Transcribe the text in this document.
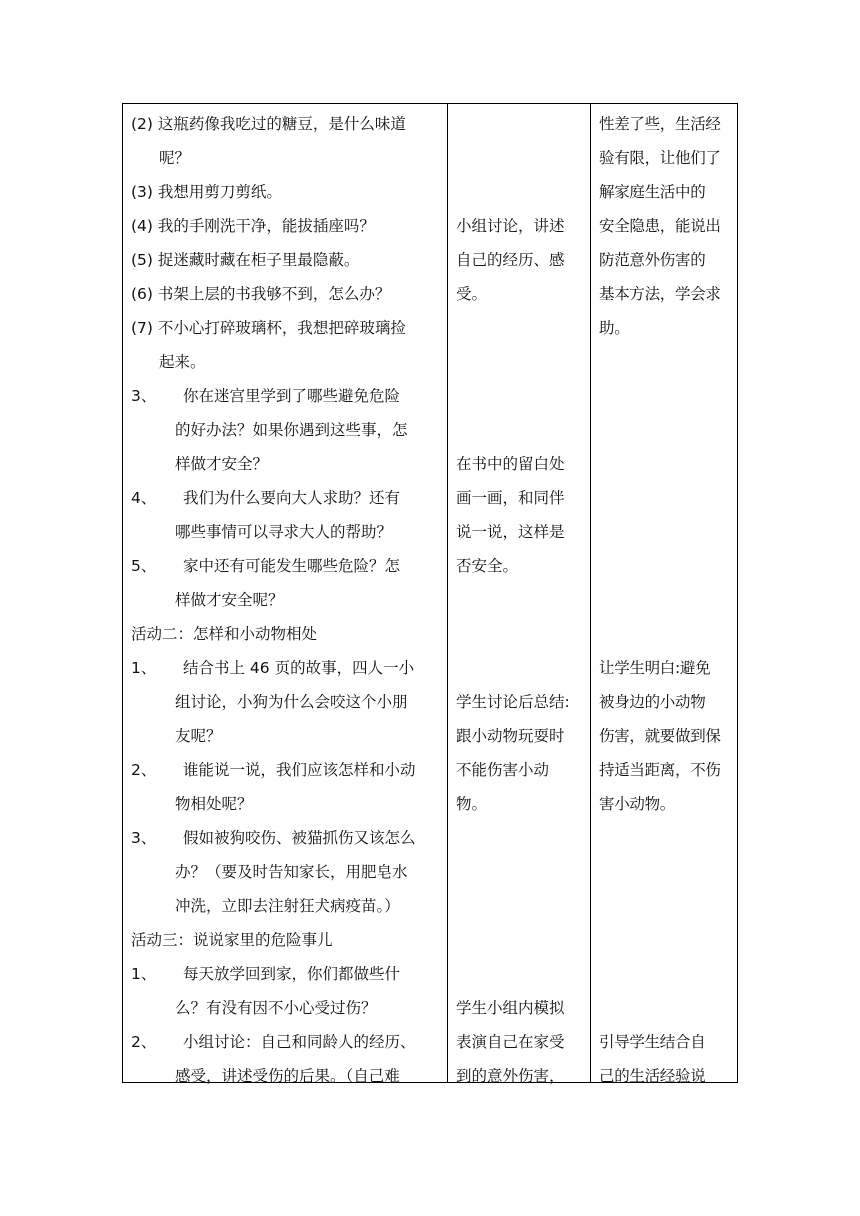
(2) 这瓶药像我吃过的糖豆，是什么味道
呢？
(3) 我想用剪刀剪纸。
(4) 我的手刚洗干净，能拔插座吗？
(5) 捉迷藏时藏在柜子里最隐蔽。
(6) 书架上层的书我够不到，怎么办？
(7) 不小心打碎玻璃杯，我想把碎玻璃捡
起来。
3、 你在迷宫里学到了哪些避免危险
的好办法？如果你遇到这些事，怎
样做才安全？
4、 我们为什么要向大人求助？还有
哪些事情可以寻求大人的帮助？
5、 家中还有可能发生哪些危险？怎
样做才安全呢？
活动二：怎样和小动物相处
1、 结合书上 46 页的故事，四人一小
组讨论，小狗为什么会咬这个小朋
友呢？
2、 谁能说一说，我们应该怎样和小动
物相处呢？
3、 假如被狗咬伤、被猫抓伤又该怎么
办？（要及时告知家长，用肥皂水
冲洗，立即去注射狂犬病疫苗。）
活动三：说说家里的危险事儿
1、 每天放学回到家，你们都做些什
么？有没有因不小心受过伤？
2、 小组讨论：自己和同龄人的经历、
感受，讲述受伤的后果。（自己难
小组讨论，讲述
自己的经历、感
受。
在书中的留白处
画一画，和同伴
说一说，这样是
否安全。
学生讨论后总结:
跟小动物玩耍时
不能伤害小动
物。
学生小组内模拟
表演自己在家受
到的意外伤害，
性差了些，生活经
验有限，让他们了
解家庭生活中的
安全隐患，能说出
防范意外伤害的
基本方法，学会求
助。
让学生明白:避免
被身边的小动物
伤害，就要做到保
持适当距离，不伤
害小动物。
引导学生结合自
己的生活经验说
